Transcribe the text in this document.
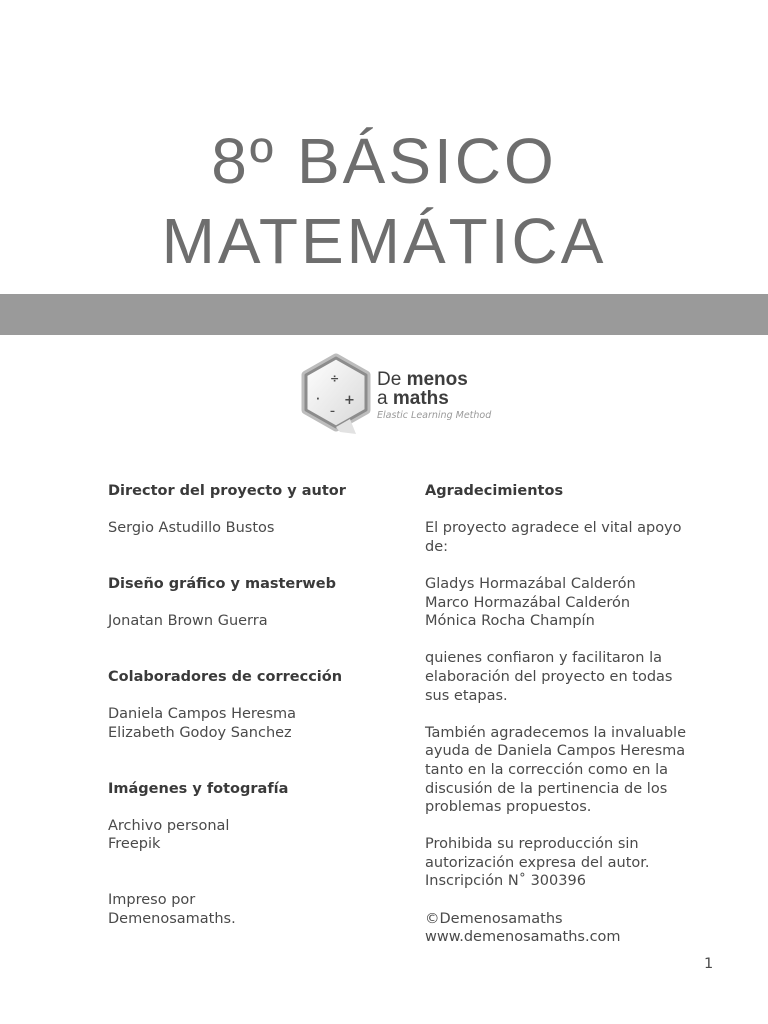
8º BÁSICO
MATEMÁTICA
÷
+
·
–
De menos
a maths
Elastic Learning Method

Director del proyecto y autor

Sergio Astudillo Bustos

Diseño gráfico y masterweb

Jonatan Brown Guerra

Colaboradores de corrección

Daniela Campos Heresma

Elizabeth Godoy Sanchez

Imágenes y fotografía

Archivo personal

Freepik

Impreso por

Demenosamaths.

Agradecimientos

El proyecto agradece el vital apoyo

de:

Gladys Hormazábal Calderón

Marco Hormazábal Calderón

Mónica Rocha Champín

quienes confiaron y facilitaron la

elaboración del proyecto en todas

sus etapas.

También agradecemos la invaluable

ayuda de Daniela Campos Heresma

tanto en la corrección como en la

discusión de la pertinencia de los

problemas propuestos.

Prohibida su reproducción sin

autorización expresa del autor.

Inscripción N˚ 300396

©Demenosamaths

www.demenosamaths.com

1
